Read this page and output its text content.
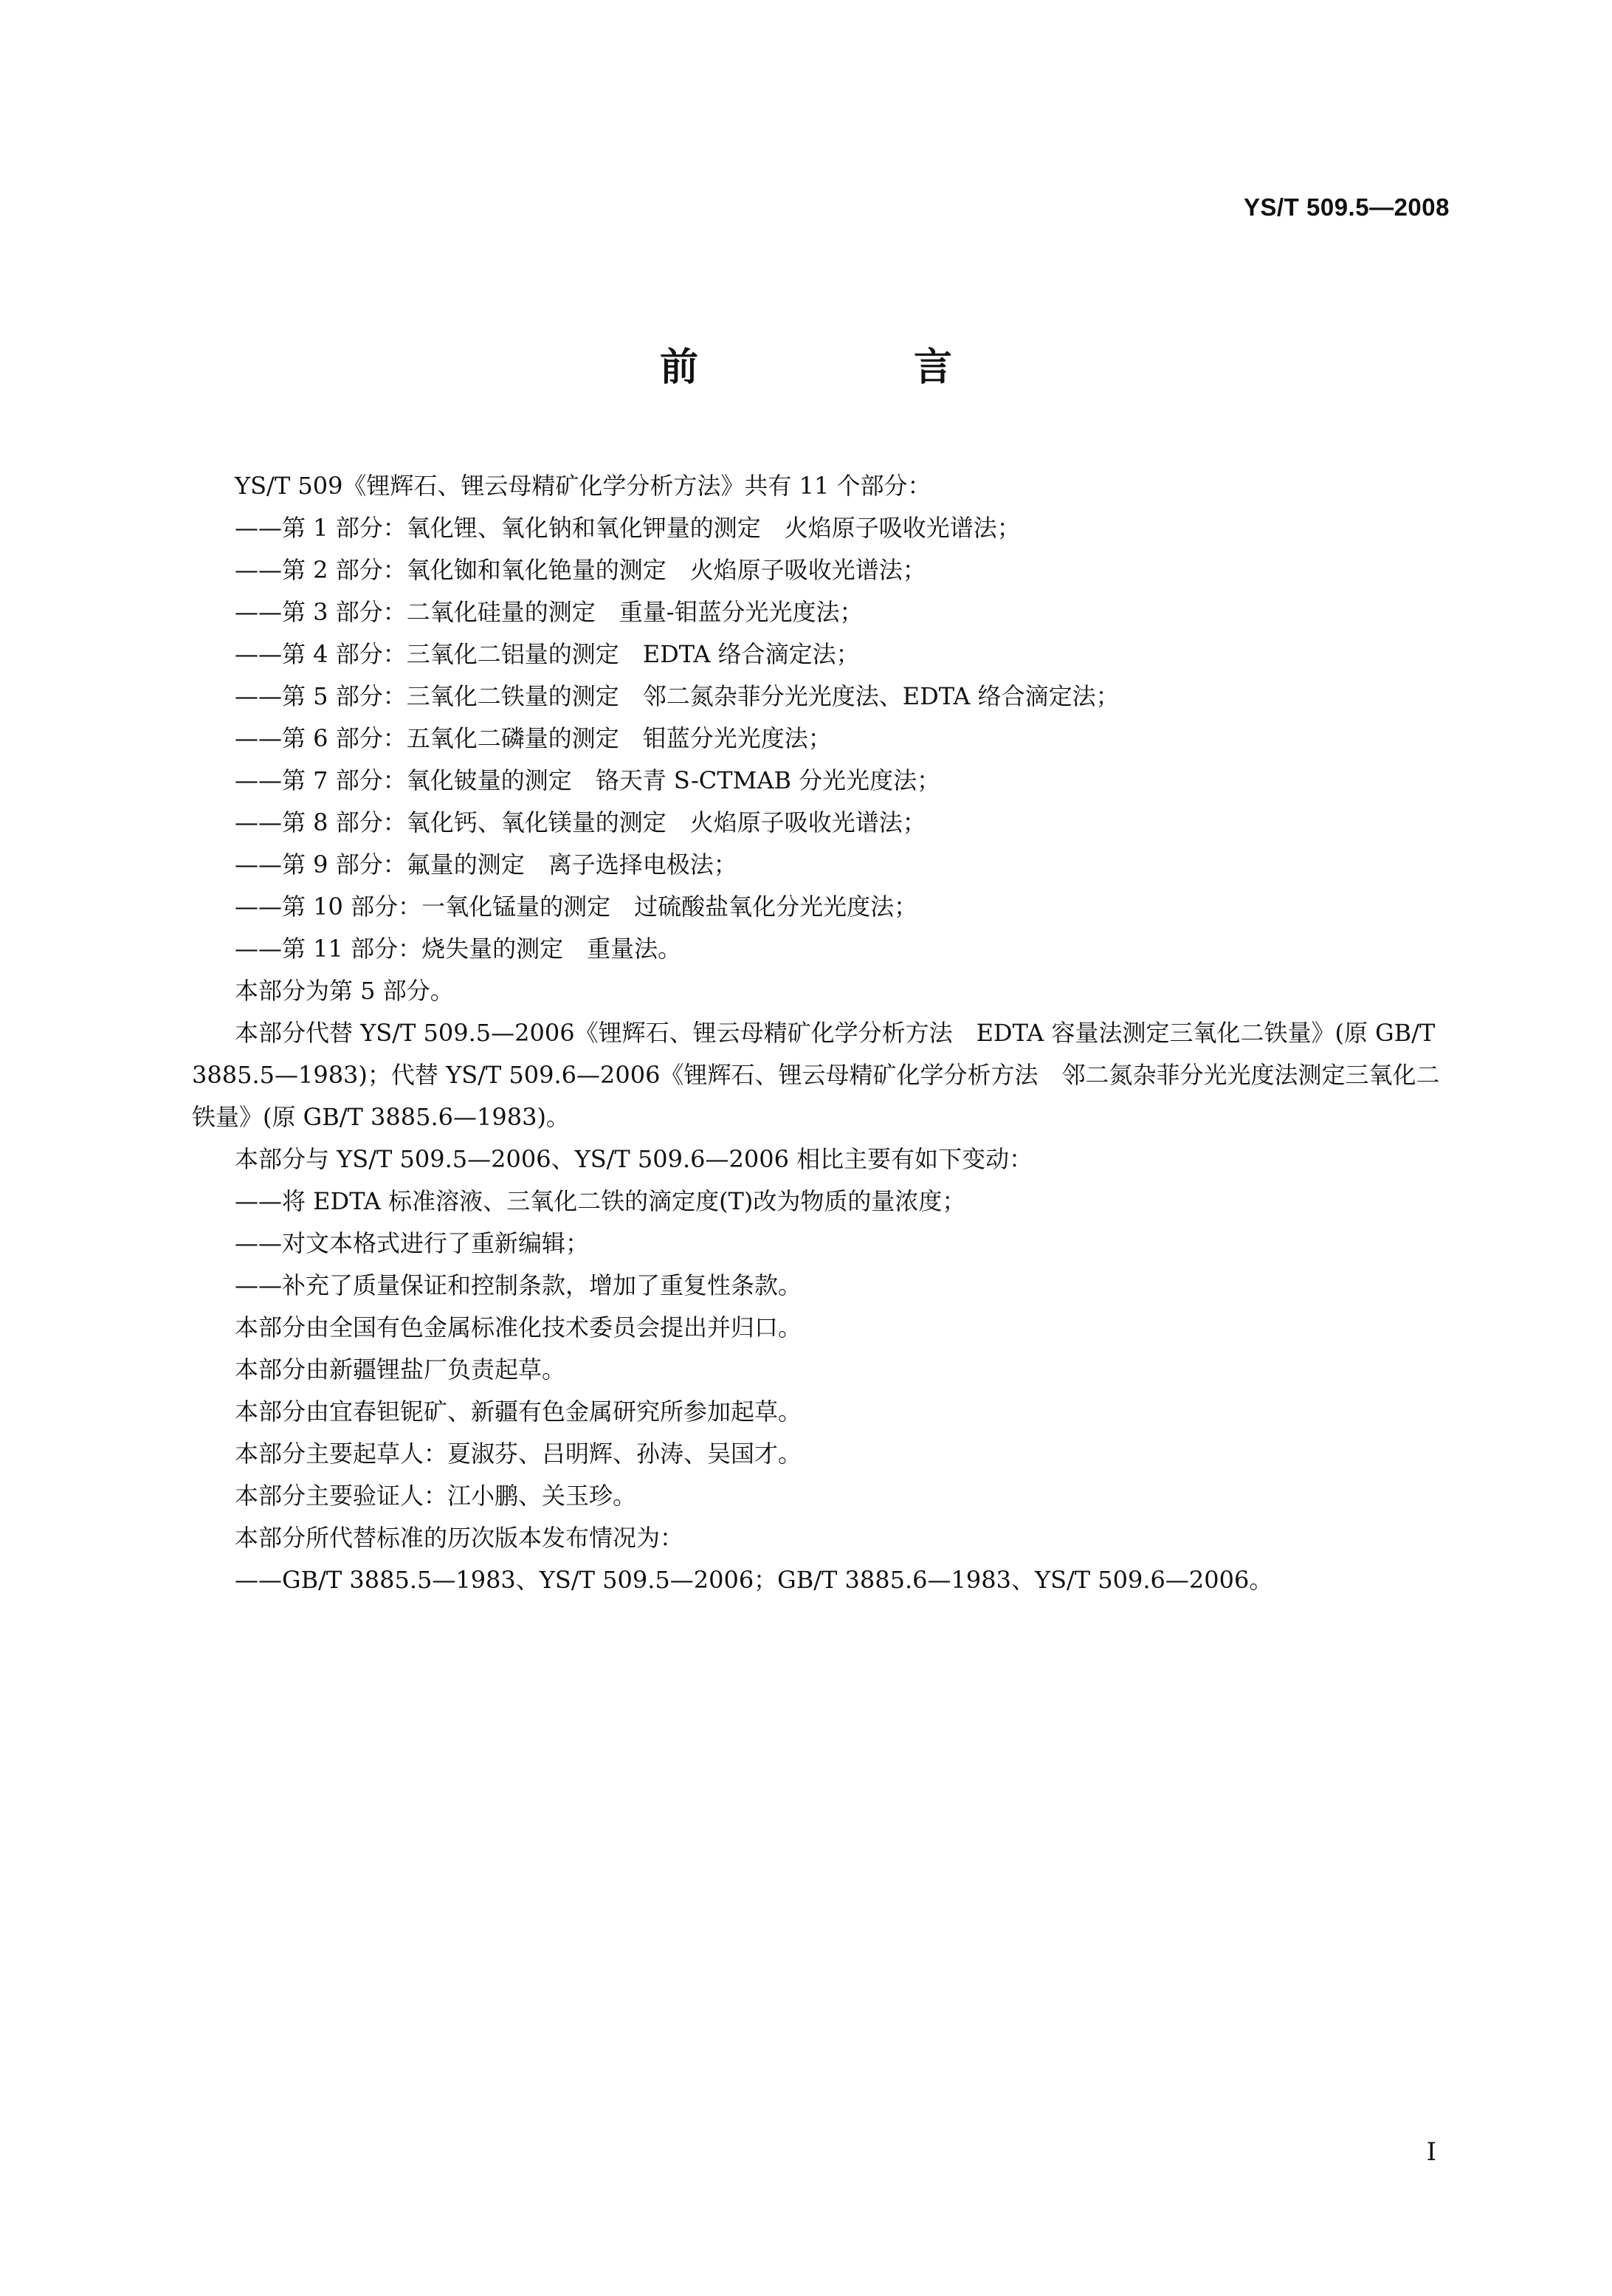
YS/T 509.5—2008
前　言

YS/T 509《锂辉石、锂云母精矿化学分析方法》共有 11 个部分：

——第 1 部分：氧化锂、氧化钠和氧化钾量的测定　火焰原子吸收光谱法；

——第 2 部分：氧化铷和氧化铯量的测定　火焰原子吸收光谱法；

——第 3 部分：二氧化硅量的测定　重量-钼蓝分光光度法；

——第 4 部分：三氧化二铝量的测定　EDTA 络合滴定法；

——第 5 部分：三氧化二铁量的测定　邻二氮杂菲分光光度法、EDTA 络合滴定法；

——第 6 部分：五氧化二磷量的测定　钼蓝分光光度法；

——第 7 部分：氧化铍量的测定　铬天青 S-CTMAB 分光光度法；

——第 8 部分：氧化钙、氧化镁量的测定　火焰原子吸收光谱法；

——第 9 部分：氟量的测定　离子选择电极法；

——第 10 部分：一氧化锰量的测定　过硫酸盐氧化分光光度法；

——第 11 部分：烧失量的测定　重量法。

本部分为第 5 部分。

本部分代替 YS/T 509.5—2006《锂辉石、锂云母精矿化学分析方法　EDTA 容量法测定三氧化二铁量》(原 GB/T 3885.5—1983)；代替 YS/T 509.6—2006《锂辉石、锂云母精矿化学分析方法　邻二氮杂菲分光光度法测定三氧化二铁量》(原 GB/T 3885.6—1983)。

本部分与 YS/T 509.5—2006、YS/T 509.6—2006 相比主要有如下变动：

——将 EDTA 标准溶液、三氧化二铁的滴定度(T)改为物质的量浓度；

——对文本格式进行了重新编辑；

——补充了质量保证和控制条款，增加了重复性条款。

本部分由全国有色金属标准化技术委员会提出并归口。

本部分由新疆锂盐厂负责起草。

本部分由宜春钽铌矿、新疆有色金属研究所参加起草。

本部分主要起草人：夏淑芬、吕明辉、孙涛、吴国才。

本部分主要验证人：江小鹏、关玉珍。

本部分所代替标准的历次版本发布情况为：

——GB/T 3885.5—1983、YS/T 509.5—2006；GB/T 3885.6—1983、YS/T 509.6—2006。

I
